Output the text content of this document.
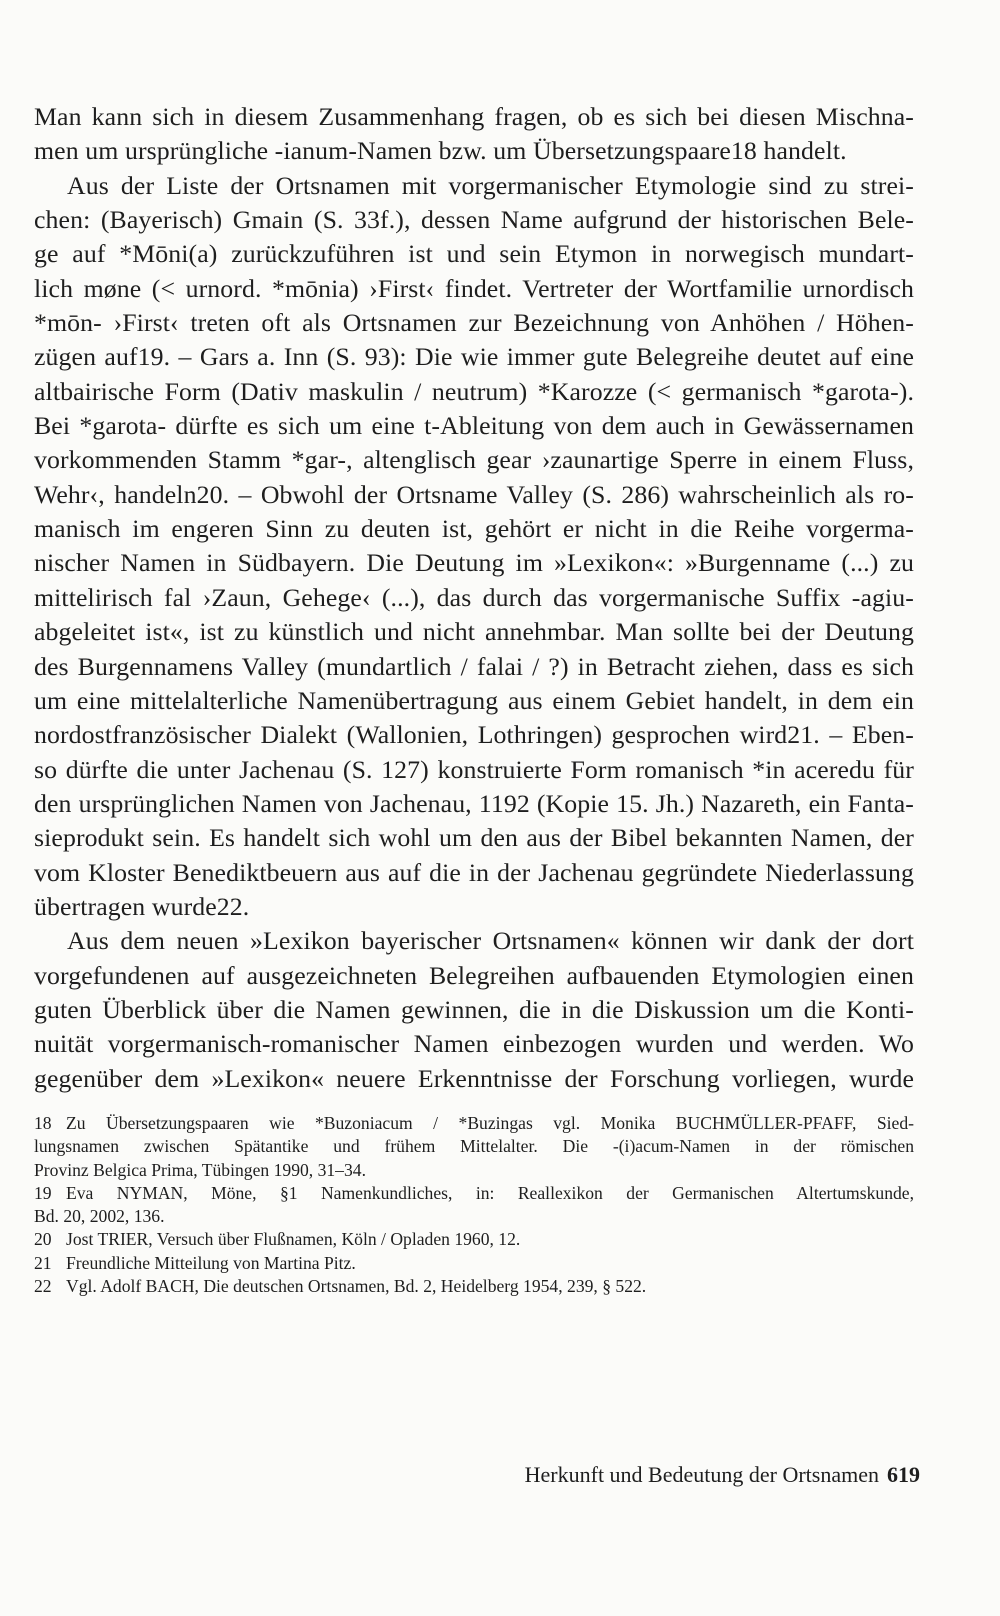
Man kann sich in diesem Zusammenhang fragen, ob es sich bei diesen Mischna-
men um ursprüngliche -ianum-Namen bzw. um Übersetzungspaare18 handelt.
Aus der Liste der Ortsnamen mit vorgermanischer Etymologie sind zu strei-
chen: (Bayerisch) Gmain (S. 33f.), dessen Name aufgrund der historischen Bele-
ge auf *Mōni(a) zurückzuführen ist und sein Etymon in norwegisch mundart-
lich møne (< urnord. *mōnia) ›First‹ findet. Vertreter der Wortfamilie urnordisch
*mōn- ›First‹ treten oft als Ortsnamen zur Bezeichnung von Anhöhen / Höhen-
zügen auf19. – Gars a. Inn (S. 93): Die wie immer gute Belegreihe deutet auf eine
altbairische Form (Dativ maskulin / neutrum) *Karozze (< germanisch *garota-).
Bei *garota- dürfte es sich um eine t-Ableitung von dem auch in Gewässernamen
vorkommenden Stamm *gar-, altenglisch gear ›zaunartige Sperre in einem Fluss,
Wehr‹, handeln20. – Obwohl der Ortsname Valley (S. 286) wahrscheinlich als ro-
manisch im engeren Sinn zu deuten ist, gehört er nicht in die Reihe vorgerma-
nischer Namen in Südbayern. Die Deutung im »Lexikon«: »Burgenname (...) zu
mittelirisch fal ›Zaun, Gehege‹ (...), das durch das vorgermanische Suffix -agiu-
abgeleitet ist«, ist zu künstlich und nicht annehmbar. Man sollte bei der Deutung
des Burgennamens Valley (mundartlich / falai / ?) in Betracht ziehen, dass es sich
um eine mittelalterliche Namenübertragung aus einem Gebiet handelt, in dem ein
nordostfranzösischer Dialekt (Wallonien, Lothringen) gesprochen wird21. – Eben-
so dürfte die unter Jachenau (S. 127) konstruierte Form romanisch *in aceredu für
den ursprünglichen Namen von Jachenau, 1192 (Kopie 15. Jh.) Nazareth, ein Fanta-
sieprodukt sein. Es handelt sich wohl um den aus der Bibel bekannten Namen, der
vom Kloster Benediktbeuern aus auf die in der Jachenau gegründete Niederlassung
übertragen wurde22.
Aus dem neuen »Lexikon bayerischer Ortsnamen« können wir dank der dort
vorgefundenen auf ausgezeichneten Belegreihen aufbauenden Etymologien einen
guten Überblick über die Namen gewinnen, die in die Diskussion um die Konti-
nuität vorgermanisch-romanischer Namen einbezogen wurden und werden. Wo
gegenüber dem »Lexikon« neuere Erkenntnisse der Forschung vorliegen, wurde
18 Zu Übersetzungspaaren wie *Buzoniacum / *Buzingas vgl. Monika BUCHMÜLLER-PFAFF, Sied-
lungsnamen zwischen Spätantike und frühem Mittelalter. Die -(i)acum-Namen in der römischen
Provinz Belgica Prima, Tübingen 1990, 31–34.
19 Eva NYMAN, Möne, §1 Namenkundliches, in: Reallexikon der Germanischen Altertumskunde,
Bd. 20, 2002, 136.
20 Jost TRIER, Versuch über Flußnamen, Köln / Opladen 1960, 12.
21 Freundliche Mitteilung von Martina Pitz.
22 Vgl. Adolf BACH, Die deutschen Ortsnamen, Bd. 2, Heidelberg 1954, 239, § 522.
Herkunft und Bedeutung der Ortsnamen 619
